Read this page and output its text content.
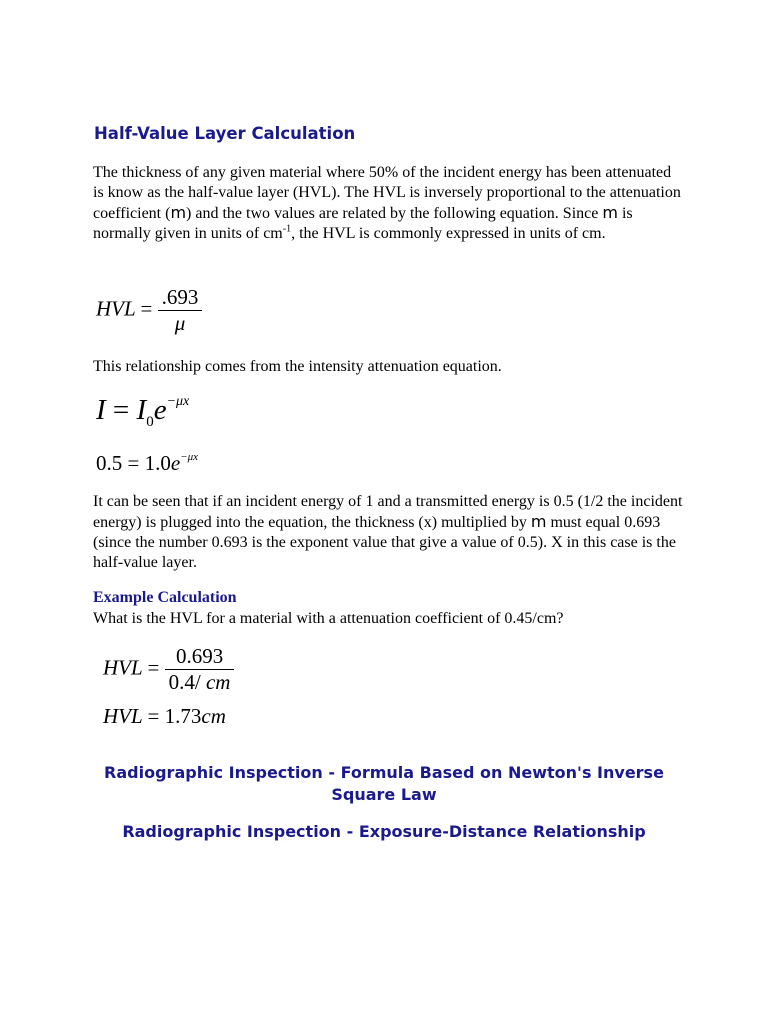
Half-Value Layer Calculation

The thickness of any given material where 50% of the incident energy has been attenuated is know as the half-value layer (HVL). The HVL is inversely proportional to the attenuation coefficient (m) and the two values are related by the following equation. Since m is normally given in units of $cm^{-1}$, the HVL is commonly expressed in units of cm.

HVL = $\frac{.693}{\mu}$

This relationship comes from the intensity attenuation equation.

$I = I_0e^{-\mu x}$
$0.5 = 1.0e^{-\mu x}$

It can be seen that if an incident energy of 1 and a transmitted energy is 0.5 (1/2 the incident energy) is plugged into the equation, the thickness (x) multiplied by m must equal 0.693 (since the number 0.693 is the exponent value that give a value of 0.5). X in this case is the half-value layer.

Example Calculation

What is the HVL for a material with a attenuation coefficient of 0.45/cm?

HVL = $\frac{0.693}{0.4/ cm}$
HVL = 1.73cm
Radiographic Inspection - Formula Based on Newton's Inverse Square Law
Radiographic Inspection - Exposure-Distance Relationship
